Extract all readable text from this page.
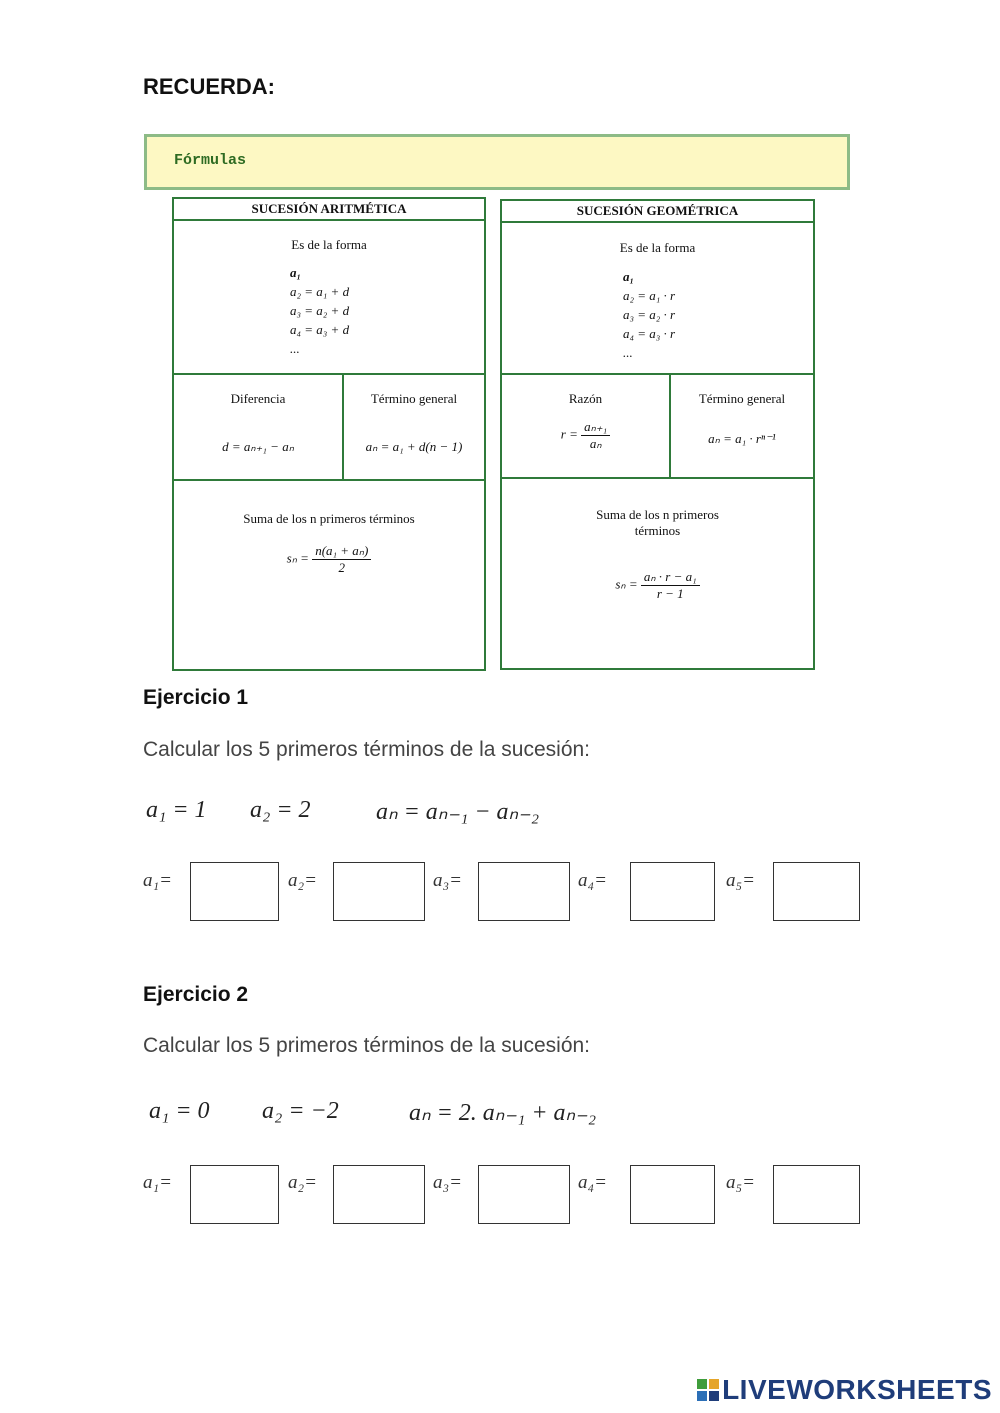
RECUERDA:
Fórmulas
SUCESIÓN ARITMÉTICA
Es de la forma
a₁
a₂ = a₁ + d
a₃ = a₂ + d
a₄ = a₃ + d
...
Diferencia
d = aₙ₊₁ − aₙ
Término general
aₙ = a₁ + d(n − 1)
Suma de los n primeros términos
$s_n = \frac{\text{n(a₁ + aₙ)}}{2}$
SUCESIÓN GEOMÉTRICA
Es de la forma
a₁
a₂ = a₁ · r
a₃ = a₂ · r
a₄ = a₃ · r
...
Razón
$r = \frac{\text{aₙ₊₁}}{\text{aₙ}}$
Término general
aₙ = a₁ · rⁿ⁻¹
Suma de los n primeros
términos
$s_n = \frac{\text{aₙ · r − a₁}}{r - 1}$
Ejercicio 1
Calcular los 5 primeros términos de la sucesión:
a₁ = 1 a₂ = 2	aₙ = aₙ₋₁ − aₙ₋₂
a₁=	a₂=	a₃=	a₄=	a₅=
Ejercicio 2
Calcular los 5 primeros términos de la sucesión:
a₁ = 0 a₂ = −2	aₙ = 2. aₙ₋₁ + aₙ₋₂
a₁=	a₂=	a₃=	a₄=	a₅=
LIVEWORKSHEETS
